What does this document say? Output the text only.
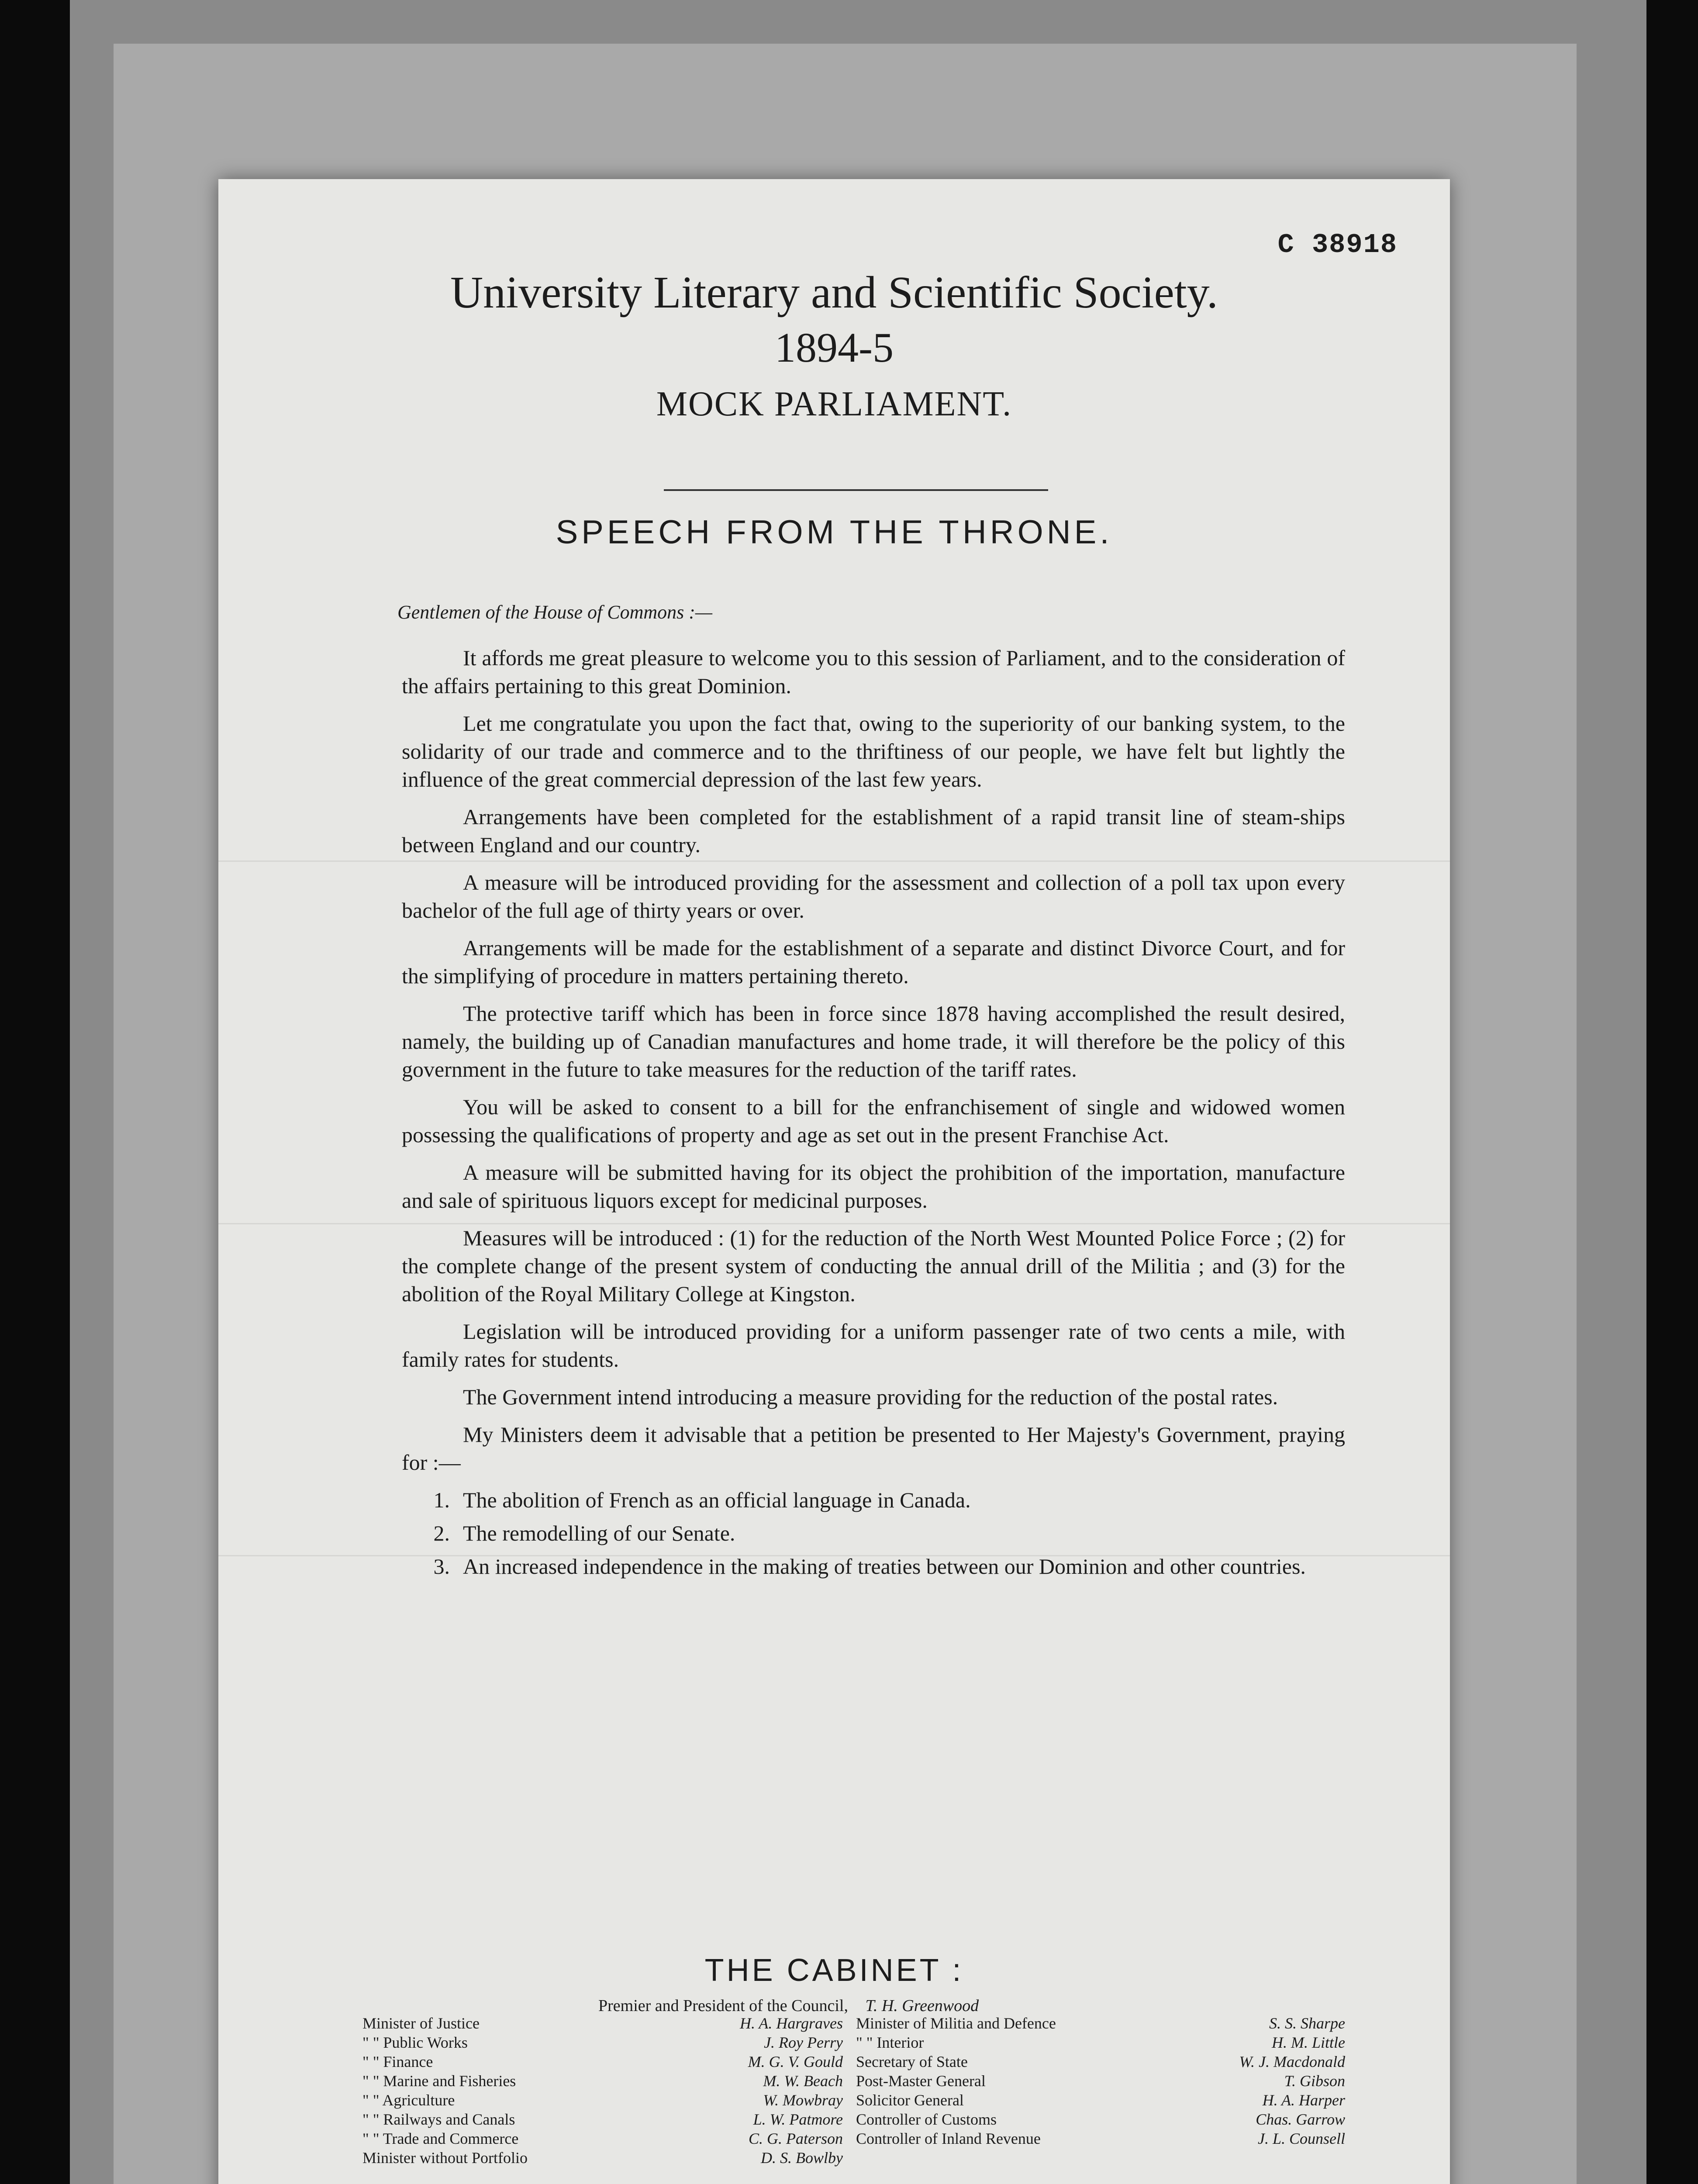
C 38918
University Literary and Scientific Society.
1894-5
MOCK PARLIAMENT.
SPEECH FROM THE THRONE.
Gentlemen of the House of Commons :—

It affords me great pleasure to welcome you to this session of Parliament, and to the consideration of the affairs pertaining to this great Dominion.

Let me congratulate you upon the fact that, owing to the superiority of our banking system, to the solidarity of our trade and commerce and to the thriftiness of our people, we have felt but lightly the influence of the great commercial depression of the last few years.

Arrangements have been completed for the establishment of a rapid transit line of steam-ships between England and our country.

A measure will be introduced providing for the assessment and collection of a poll tax upon every bachelor of the full age of thirty years or over.

Arrangements will be made for the establishment of a separate and distinct Divorce Court, and for the simplifying of procedure in matters pertaining thereto.

The protective tariff which has been in force since 1878 having accomplished the result desired, namely, the building up of Canadian manufactures and home trade, it will therefore be the policy of this government in the future to take measures for the reduction of the tariff rates.

You will be asked to consent to a bill for the enfranchisement of single and widowed women possessing the qualifications of property and age as set out in the present Franchise Act.

A measure will be submitted having for its object the prohibition of the importation, manufacture and sale of spirituous liquors except for medicinal purposes.

Measures will be introduced : (1) for the reduction of the North West Mounted Police Force ; (2) for the complete change of the present system of conducting the annual drill of the Militia ; and (3) for the abolition of the Royal Military College at Kingston.

Legislation will be introduced providing for a uniform passenger rate of two cents a mile, with family rates for students.

The Government intend introducing a measure providing for the reduction of the postal rates.

My Ministers deem it advisable that a petition be presented to Her Majesty's Government, praying for :—

1. The abolition of French as an official language in Canada.
2. The remodelling of our Senate.
3. An increased independence in the making of treaties between our Dominion and other countries.
THE CABINET :
Premier and President of the Council, T. H. Greenwood
Minister of Justice	H. A. Hargraves
" " Public Works	J. Roy Perry
" " Finance	M. G. V. Gould
" " Marine and Fisheries	M. W. Beach
" " Agriculture	W. Mowbray
" " Railways and Canals	L. W. Patmore
" " Trade and Commerce	C. G. Paterson
Minister without Portfolio	D. S. Bowlby
Minister of Militia and Defence	S. S. Sharpe
" " Interior	H. M. Little
Secretary of State	W. J. Macdonald
Post-Master General	T. Gibson
Solicitor General	H. A. Harper
Controller of Customs	Chas. Garrow
Controller of Inland Revenue	J. L. Counsell
